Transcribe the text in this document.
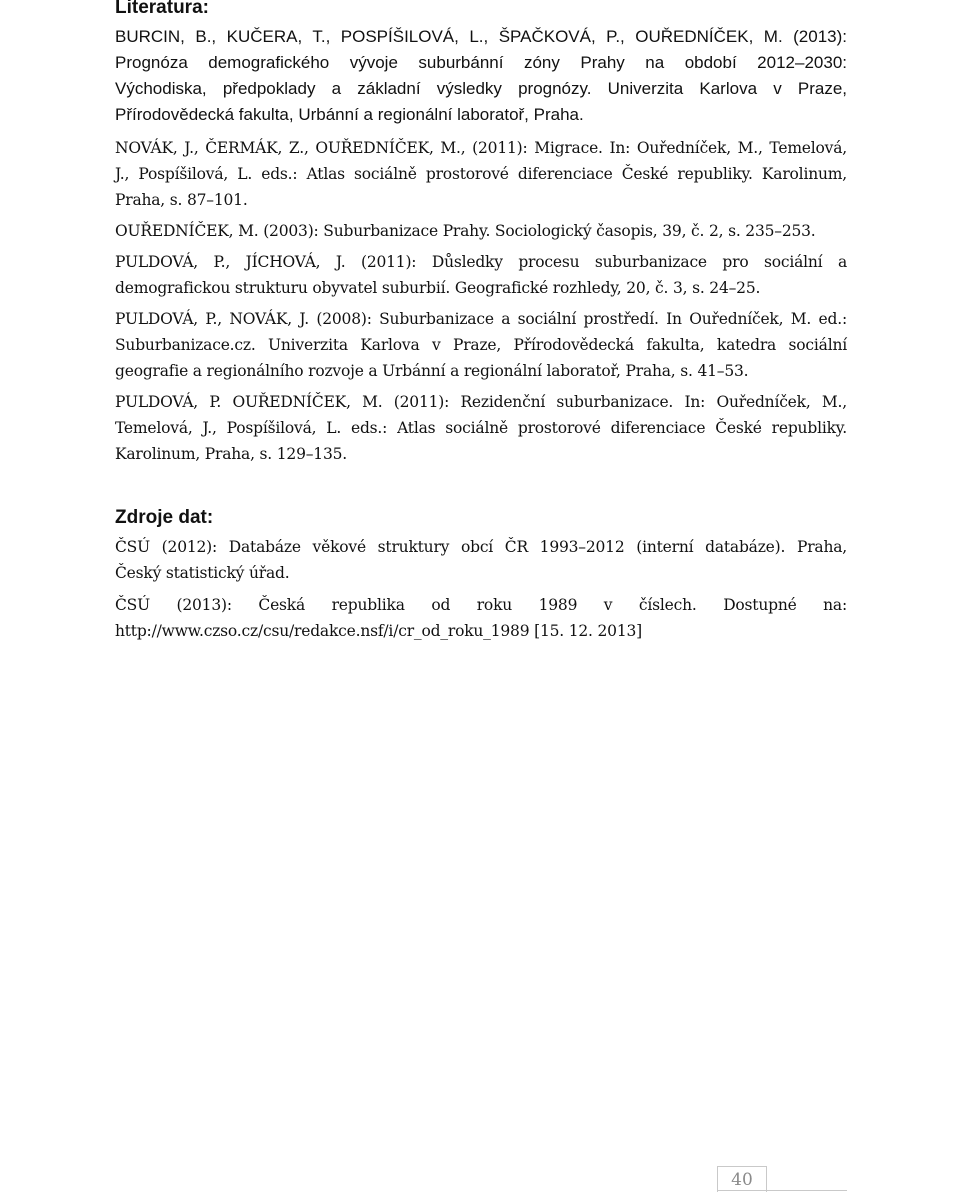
Literatura:

BURCIN, B., KUČERA, T., POSPÍŠILOVÁ, L., ŠPAČKOVÁ, P., OUŘEDNÍČEK, M. (2013):
Prognóza demografického vývoje suburbánní zóny Prahy na období 2012–2030:
Východiska, předpoklady a základní výsledky prognózy. Univerzita Karlova v Praze,
Přírodovědecká fakulta, Urbánní a regionální laboratoř, Praha.

NOVÁK, J., ČERMÁK, Z., OUŘEDNÍČEK, M., (2011): Migrace. In: Ouředníček, M., Temelová,
J., Pospíšilová, L. eds.: Atlas sociálně prostorové diferenciace České republiky. Karolinum,
Praha, s. 87–101.

OUŘEDNÍČEK, M. (2003): Suburbanizace Prahy. Sociologický časopis, 39, č. 2, s. 235–253.

PULDOVÁ, P., JÍCHOVÁ, J. (2011): Důsledky procesu suburbanizace pro sociální a
demografickou strukturu obyvatel suburbií. Geografické rozhledy, 20, č. 3, s. 24–25.

PULDOVÁ, P., NOVÁK, J. (2008): Suburbanizace a sociální prostředí. In Ouředníček, M. ed.:
Suburbanizace.cz. Univerzita Karlova v Praze, Přírodovědecká fakulta, katedra sociální
geografie a regionálního rozvoje a Urbánní a regionální laboratoř, Praha, s. 41–53.

PULDOVÁ, P. OUŘEDNÍČEK, M. (2011): Rezidenční suburbanizace. In: Ouředníček, M.,
Temelová, J., Pospíšilová, L. eds.: Atlas sociálně prostorové diferenciace České republiky.
Karolinum, Praha, s. 129–135.

Zdroje dat:

ČSÚ (2012): Databáze věkové struktury obcí ČR 1993–2012 (interní databáze). Praha,
Český statistický úřad.

ČSÚ (2013): Česká republika od roku 1989 v číslech. Dostupné na:
http://www.czso.cz/csu/redakce.nsf/i/cr_od_roku_1989 [15. 12. 2013]

40
